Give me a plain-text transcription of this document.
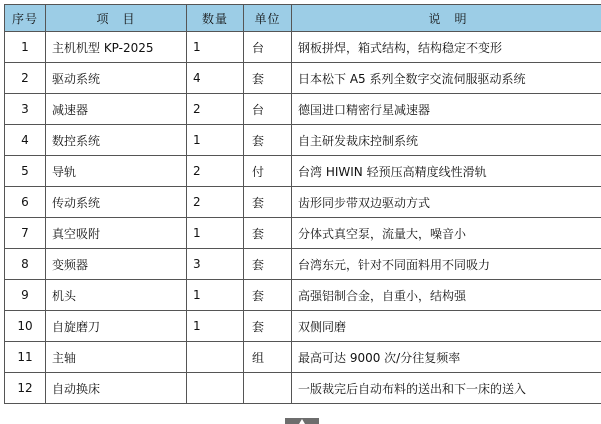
序号	项　目	数量	单位	说　明
1	主机机型 KP-2025	1	台	钢板拼焊，箱式结构，结构稳定不变形
2	驱动系统	4	套	日本松下 A5 系列全数字交流伺服驱动系统
3	减速器	2	台	德国进口精密行星减速器
4	数控系统	1	套	自主研发裁床控制系统
5	导轨	2	付	台湾 HIWIN 轻预压高精度线性滑轨
6	传动系统	2	套	齿形同步带双边驱动方式
7	真空吸附	1	套	分体式真空泵，流量大，噪音小
8	变频器	3	套	台湾东元，针对不同面料用不同吸力
9	机头	1	套	高强铝制合金，自重小，结构强
10	自旋磨刀	1	套	双侧同磨
11	主轴		组	最高可达 9000 次/分往复频率
12	自动换床			一版裁完后自动布料的送出和下一床的送入
